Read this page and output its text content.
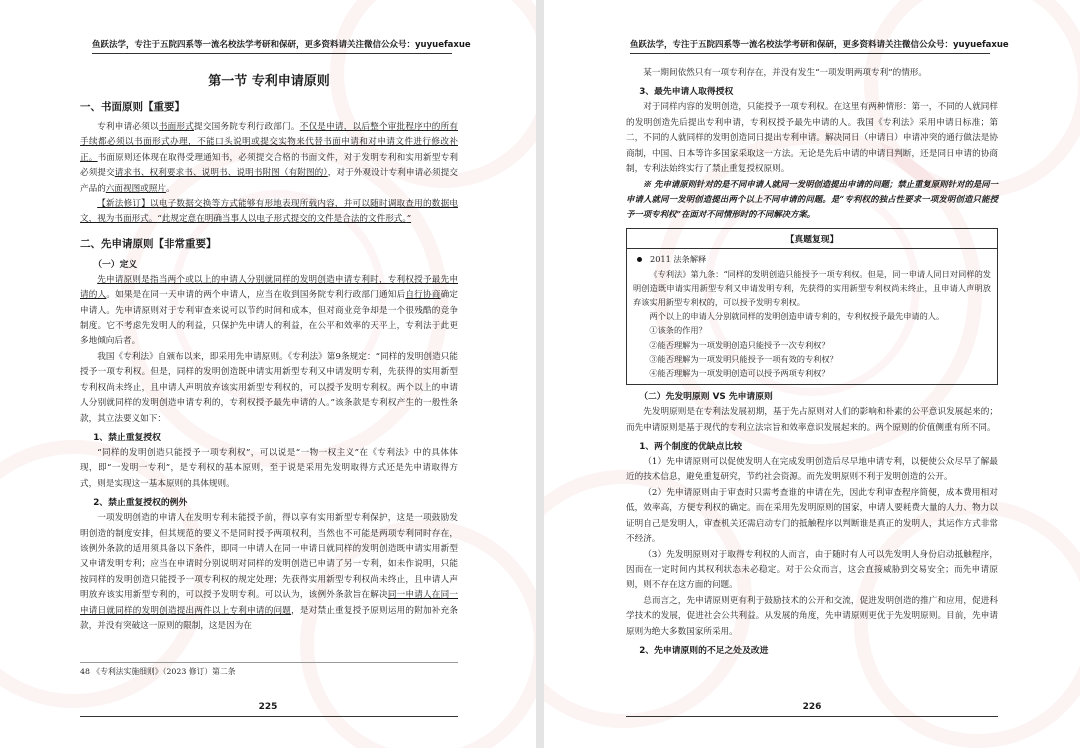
鱼跃法学，专注于五院四系等一流名校法学考研和保研，更多资料请关注微信公众号：yuyuefaxue
第一节 专利申请原则
一、书面原则【重要】

专利申请必须以书面形式提交国务院专利行政部门。不仅是申请，以后整个审批程序中的所有手续都必须以书面形式办理，不能口头说明或提交实物来代替书面申请和对申请文件进行修改补正。书面原则还体现在取得受理通知书，必须提交合格的书面文件，对于发明专利和实用新型专利必须提交请求书、权利要求书、说明书、说明书附图（有附图的），对于外观设计专利申请必须提交产品的六面视图或照片。

【新法修订】以电子数据交换等方式能够有形地表现所载内容，并可以随时调取查用的数据电文，视为书面形式。“此规定意在明确当事人以电子形式提交的文件是合法的文件形式。”

二、先申请原则【非常重要】
（一）定义

先申请原则是指当两个或以上的申请人分别就同样的发明创造申请专利时，专利权授予最先申请的人。如果是在同一天申请的两个申请人，应当在收到国务院专利行政部门通知后自行协商确定申请人。先申请原则对于专利审查来说可以节约时间和成本，但对商业竞争却是一个很残酷的竞争制度。它不考虑先发明人的利益，只保护先申请人的利益，在公平和效率的天平上，专利法于此更多地倾向后者。

我国《专利法》自颁布以来，即采用先申请原则。《专利法》第9条规定：“同样的发明创造只能授予一项专利权。但是，同样的发明创造既申请实用新型专利又申请发明专利，先获得的实用新型专利权尚未终止，且申请人声明放弃该实用新型专利权的，可以授予发明专利权。两个以上的申请人分别就同样的发明创造申请专利的，专利权授予最先申请的人。”该条款是专利权产生的一般性条款，其立法要义如下：

1、禁止重复授权

“同样的发明创造只能授予一项专利权”，可以说是“一物一权主义”在《专利法》中的具体体现，即“一发明一专利”，是专利权的基本原则，至于说是采用先发明取得方式还是先申请取得方式，则是实现这一基本原则的具体规则。

2、禁止重复授权的例外

一项发明创造的申请人在发明专利未能授予前，得以享有实用新型专利保护，这是一项鼓励发明创造的制度安排，但其规范的要义不是同时授予两项权利，当然也不可能是两项专利同时存在，该例外条款的适用须具备以下条件，即同一申请人在同一申请日就同样的发明创造既申请实用新型又申请发明专利；应当在申请时分别说明对同样的发明创造已申请了另一专利，如未作说明，只能按同样的发明创造只能授予一项专利权的规定处理；先获得实用新型专利权尚未终止，且申请人声明放弃该实用新型专利的，可以授予发明专利。可以认为，该例外条款旨在解决同一申请人在同一申请日就同样的发明创造提出两件以上专利申请的问题，是对禁止重复授予原则运用的附加补充条款，并没有突破这一原则的限制，这是因为在

48 《专利法实施细则》（2023 修订）第二条
225
鱼跃法学，专注于五院四系等一流名校法学考研和保研，更多资料请关注微信公众号：yuyuefaxue

某一期间依然只有一项专利存在，并没有发生“一项发明两项专利”的情形。

3、最先申请人取得授权

对于同样内容的发明创造，只能授予一项专利权。在这里有两种情形：第一，不同的人就同样的发明创造先后提出专利申请，专利权授予最先申请的人。我国《专利法》采用申请日标准；第二，不同的人就同样的发明创造同日提出专利申请。解决同日（申请日）申请冲突的通行做法是协商制，中国、日本等许多国家采取这一方法。无论是先后申请的申请日判断，还是同日申请的协商制，专利法始终实行了禁止重复授权原则。

※ 先申请原则针对的是不同申请人就同一发明创造提出申请的问题；禁止重复原则针对的是同一申请人就同一发明创造提出两个以上不同申请的问题。是“专利权的独占性要求一项发明创造只能授予一项专利权”在面对不同情形时的不同解决方案。

【真题复现】

2011 法条解释

《专利法》第九条：“同样的发明创造只能授予一项专利权。但是，同一申请人同日对同样的发明创造既申请实用新型专利又申请发明专利，先获得的实用新型专利权尚未终止，且申请人声明放弃该实用新型专利权的，可以授予发明专利权。

两个以上的申请人分别就同样的发明创造申请专利的，专利权授予最先申请的人。

①该条的作用？

②能否理解为一项发明创造只能授予一次专利权？

③能否理解为一项发明只能授予一项有效的专利权？

④能否理解为一项发明创造可以授予两项专利权？

（二）先发明原则 VS 先申请原则

先发明原则是在专利法发展初期，基于先占原则对人们的影响和朴素的公平意识发展起来的；而先申请原则是基于现代的专利立法宗旨和效率意识发展起来的。两个原则的价值侧重有所不同。

1、两个制度的优缺点比较

（1）先申请原则可以促使发明人在完成发明创造后尽早地申请专利，以便使公众尽早了解最近的技术信息，避免重复研究，节约社会资源。而先发明原则不利于发明创造的公开。

（2）先申请原则由于审查时只需考查谁的申请在先，因此专利审查程序简便，成本费用相对低，效率高，方便专利权的确定。而在采用先发明原则的国家，申请人要耗费大量的人力、物力以证明自己是发明人，审查机关还需启动专门的抵触程序以判断谁是真正的发明人，其运作方式非常不经济。

（3）先发明原则对于取得专利权的人而言，由于随时有人可以先发明人身份启动抵触程序，因而在一定时间内其权利状态未必稳定。对于公众而言，这会直接威胁到交易安全；而先申请原则，则不存在这方面的问题。

总而言之，先申请原则更有利于鼓励技术的公开和交流，促进发明创造的推广和应用，促进科学技术的发展，促进社会公共利益。从发展的角度，先申请原则更优于先发明原则。目前，先申请原则为绝大多数国家所采用。

2、先申请原则的不足之处及改进
226
